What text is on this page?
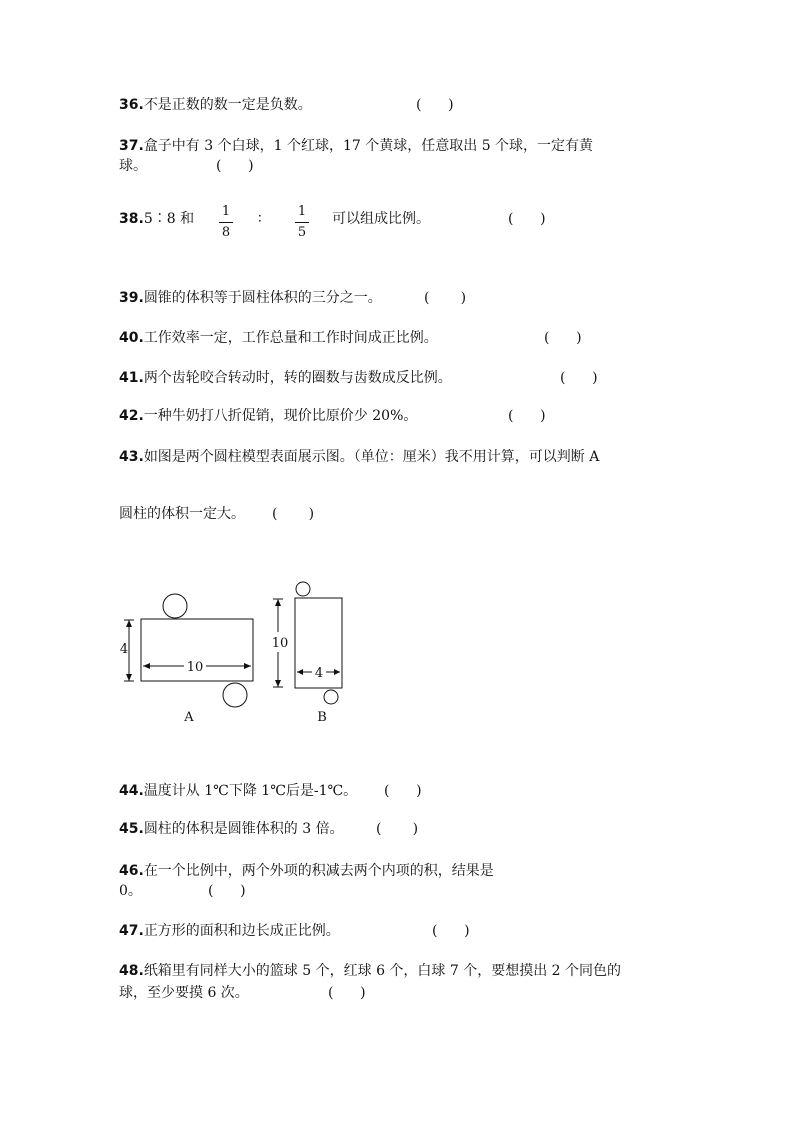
36.不是正数的数一定是负数。	(      )
37.盒子中有 3 个白球，1 个红球，17 个黄球，任意取出 5 个球，一定有黄
球。	(      )
38.5∶8 和	1
8
∶	1
5
可以组成比例。	(      )
39.圆锥的体积等于圆柱体积的三分之一。	(       )
40.工作效率一定，工作总量和工作时间成正比例。	(      )
41.两个齿轮咬合转动时，转的圈数与齿数成反比例。	(      )
42.一种牛奶打八折促销，现价比原价少 20%。	(      )
43.如图是两个圆柱模型表面展示图。（单位：厘米）我不用计算，可以判断 A
圆柱的体积一定大。 (       )
4
10
A
10
4
B
44.温度计从 1℃下降 1℃后是-1℃。 (      )
45.圆柱的体积是圆锥体积的 3 倍。 (       )
46.在一个比例中，两个外项的积减去两个内项的积，结果是
0。	(      )
47.正方形的面积和边长成正比例。	(      )
48.纸箱里有同样大小的篮球 5 个，红球 6 个，白球 7 个，要想摸出 2 个同色的
球，至少要摸 6 次。	(      )
